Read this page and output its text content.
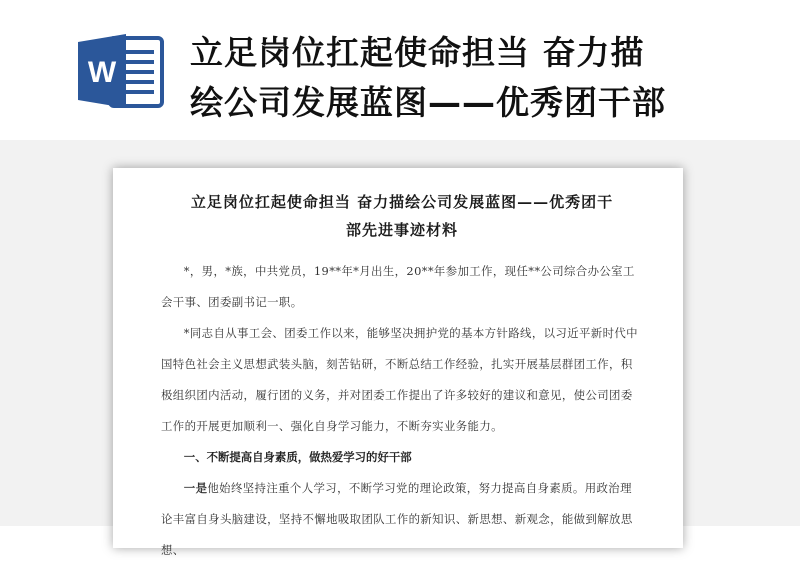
W
立足岗位扛起使命担当 奋力描
绘公司发展蓝图——优秀团干部
立足岗位扛起使命担当 奋力描绘公司发展蓝图——优秀团干
部先进事迹材料

*，男，*族，中共党员，19**年*月出生，20**年参加工作，现任**公司综合办公室工会干事、团委副书记一职。

*同志自从事工会、团委工作以来，能够坚决拥护党的基本方针路线，以习近平新时代中国特色社会主义思想武装头脑，刻苦钻研，不断总结工作经验，扎实开展基层群团工作，积极组织团内活动，履行团的义务，并对团委工作提出了许多较好的建议和意见，使公司团委工作的开展更加顺利一、强化自身学习能力，不断夯实业务能力。

一、不断提高自身素质，做热爱学习的好干部

一是他始终坚持注重个人学习，不断学习党的理论政策，努力提高自身素质。用政治理论丰富自身头脑建设，坚持不懈地吸取团队工作的新知识、新思想、新观念，能做到解放思想、
